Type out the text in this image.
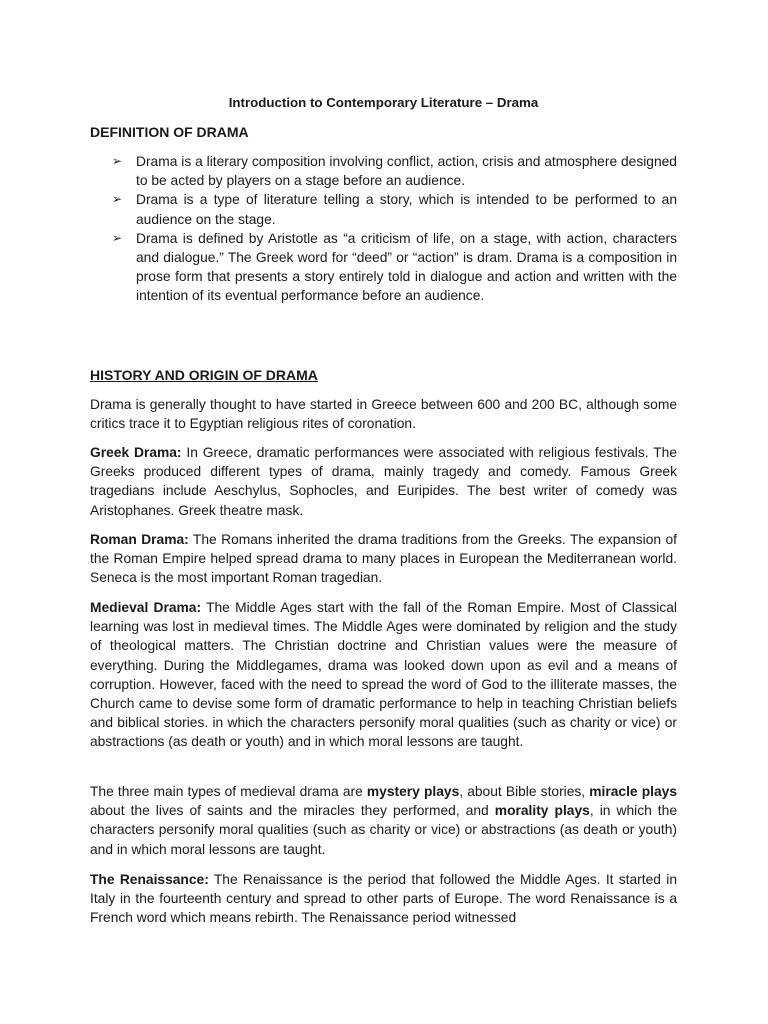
Introduction to Contemporary Literature – Drama
DEFINITION OF DRAMA
➢ Drama is a literary composition involving conflict, action, crisis and atmosphere designed to be acted by players on a stage before an audience.
➢ Drama is a type of literature telling a story, which is intended to be performed to an audience on the stage.
➢ Drama is defined by Aristotle as “a criticism of life, on a stage, with action, characters and dialogue.” The Greek word for “deed” or “action” is dram. Drama is a composition in prose form that presents a story entirely told in dialogue and action and written with the intention of its eventual performance before an audience.
HISTORY AND ORIGIN OF DRAMA

Drama is generally thought to have started in Greece between 600 and 200 BC, although some critics trace it to Egyptian religious rites of coronation.

Greek Drama: In Greece, dramatic performances were associated with religious festivals. The Greeks produced different types of drama, mainly tragedy and comedy. Famous Greek tragedians include Aeschylus, Sophocles, and Euripides. The best writer of comedy was Aristophanes. Greek theatre mask.

Roman Drama: The Romans inherited the drama traditions from the Greeks. The expansion of the Roman Empire helped spread drama to many places in European the Mediterranean world. Seneca is the most important Roman tragedian.

Medieval Drama: The Middle Ages start with the fall of the Roman Empire. Most of Classical learning was lost in medieval times. The Middle Ages were dominated by religion and the study of theological matters. The Christian doctrine and Christian values were the measure of everything. During the Middlegames, drama was looked down upon as evil and a means of corruption. However, faced with the need to spread the word of God to the illiterate masses, the Church came to devise some form of dramatic performance to help in teaching Christian beliefs and biblical stories. in which the characters personify moral qualities (such as charity or vice) or abstractions (as death or youth) and in which moral lessons are taught.

The three main types of medieval drama are mystery plays, about Bible stories, miracle plays about the lives of saints and the miracles they performed, and morality plays, in which the characters personify moral qualities (such as charity or vice) or abstractions (as death or youth) and in which moral lessons are taught.

The Renaissance: The Renaissance is the period that followed the Middle Ages. It started in Italy in the fourteenth century and spread to other parts of Europe. The word Renaissance is a French word which means rebirth. The Renaissance period witnessed
